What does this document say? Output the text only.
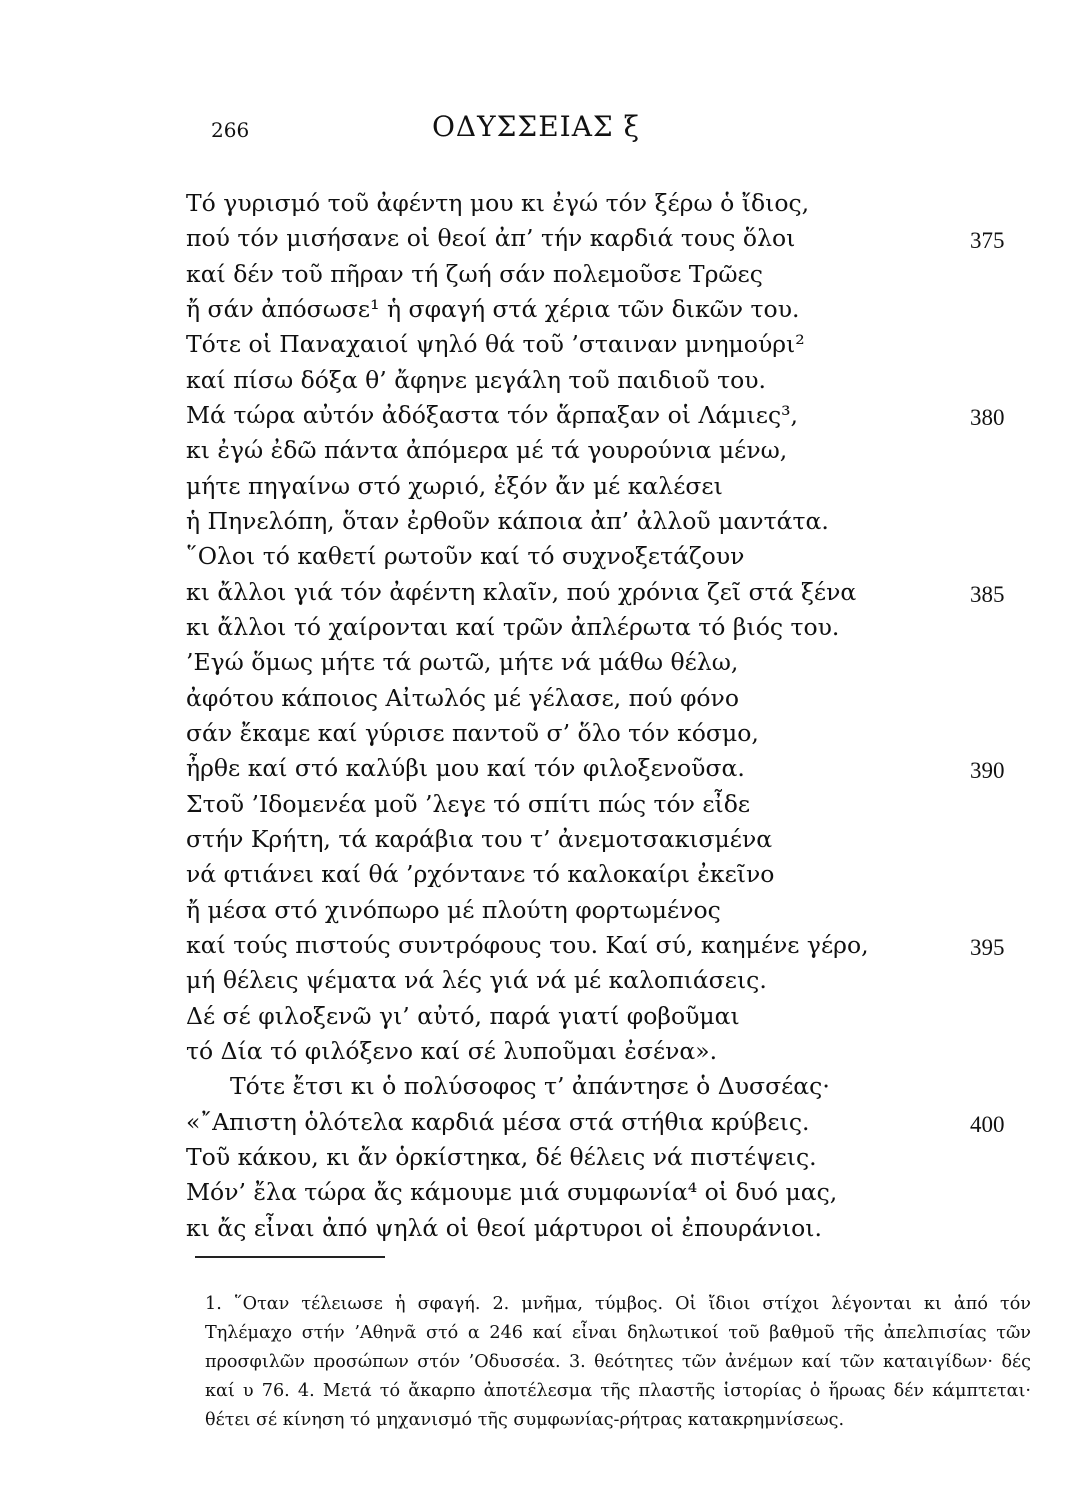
266	ΟΔΥΣΣΕΙΑΣ ξ
Τό γυρισμό τοῦ ἀφέντη μου κι ἐγώ τόν ξέρω ὁ ἴδιος,
πού τόν μισήσανε οἱ θεοί ἀπ’ τήν καρδιά τους ὅλοι	375
καί δέν τοῦ πῆραν τή ζωή σάν πολεμοῦσε Τρῶες
ἤ σάν ἀπόσωσε¹ ἡ σφαγή στά χέρια τῶν δικῶν του.
Τότε οἱ Παναχαιοί ψηλό θά τοῦ ’σταιναν μνημούρι²
καί πίσω δόξα θ’ ἄφηνε μεγάλη τοῦ παιδιοῦ του.
Μά τώρα αὐτόν ἀδόξαστα τόν ἅρπαξαν οἱ Λάμιες³,	380
κι ἐγώ ἐδῶ πάντα ἀπόμερα μέ τά γουρούνια μένω,
μήτε πηγαίνω στό χωριό, ἐξόν ἄν μέ καλέσει
ἡ Πηνελόπη, ὅταν ἐρθοῦν κάποια ἀπ’ ἀλλοῦ μαντάτα.
῞Ολοι τό καθετί ρωτοῦν καί τό συχνοξετάζουν
κι ἄλλοι γιά τόν ἀφέντη κλαῖν, πού χρόνια ζεῖ στά ξένα	385
κι ἄλλοι τό χαίρονται καί τρῶν ἀπλέρωτα τό βιός του.
’Εγώ ὅμως μήτε τά ρωτῶ, μήτε νά μάθω θέλω,
ἀφότου κάποιος Αἰτωλός μέ γέλασε, πού φόνο
σάν ἔκαμε καί γύρισε παντοῦ σ’ ὅλο τόν κόσμο,
ἦρθε καί στό καλύβι μου καί τόν φιλοξενοῦσα.	390
Στοῦ ’Ιδομενέα μοῦ ’λεγε τό σπίτι πώς τόν εἶδε
στήν Κρήτη, τά καράβια του τ’ ἀνεμοτσακισμένα
νά φτιάνει καί θά ’ρχόντανε τό καλοκαίρι ἐκεῖνο
ἤ μέσα στό χινόπωρο μέ πλούτη φορτωμένος
καί τούς πιστούς συντρόφους του. Καί σύ, καημένε γέρο,	395
μή θέλεις ψέματα νά λές γιά νά μέ καλοπιάσεις.
Δέ σέ φιλοξενῶ γι’ αὐτό, παρά γιατί φοβοῦμαι
τό Δία τό φιλόξενο καί σέ λυποῦμαι ἐσένα».
Τότε ἔτσι κι ὁ πολύσοφος τ’ ἀπάντησε ὁ Δυσσέας·
«῎Απιστη ὁλότελα καρδιά μέσα στά στήθια κρύβεις.	400
Τοῦ κάκου, κι ἄν ὁρκίστηκα, δέ θέλεις νά πιστέψεις.
Μόν’ ἔλα τώρα ἄς κάμουμε μιά συμφωνία⁴ οἱ δυό μας,
κι ἄς εἶναι ἀπό ψηλά οἱ θεοί μάρτυροι οἱ ἐπουράνιοι.
1. ῞Οταν τέλειωσε ἡ σφαγή. 2. μνῆμα, τύμβος. Οἱ ἴδιοι στίχοι λέγονται κι ἀπό τόν Τηλέμαχο στήν ’Αθηνᾶ στό α 246 καί εἶναι δηλωτικοί τοῦ βαθμοῦ τῆς ἀπελπισίας τῶν προσφιλῶν προσώπων στόν ’Οδυσσέα. 3. θεότητες τῶν ἀνέμων καί τῶν καταιγίδων· δές καί υ 76. 4. Μετά τό ἄκαρπο ἀποτέλεσμα τῆς πλαστῆς ἱστορίας ὁ ἥρωας δέν κάμπτεται· θέτει σέ κίνηση τό μηχανισμό τῆς συμφωνίας-ρήτρας κατακρημνίσεως.
